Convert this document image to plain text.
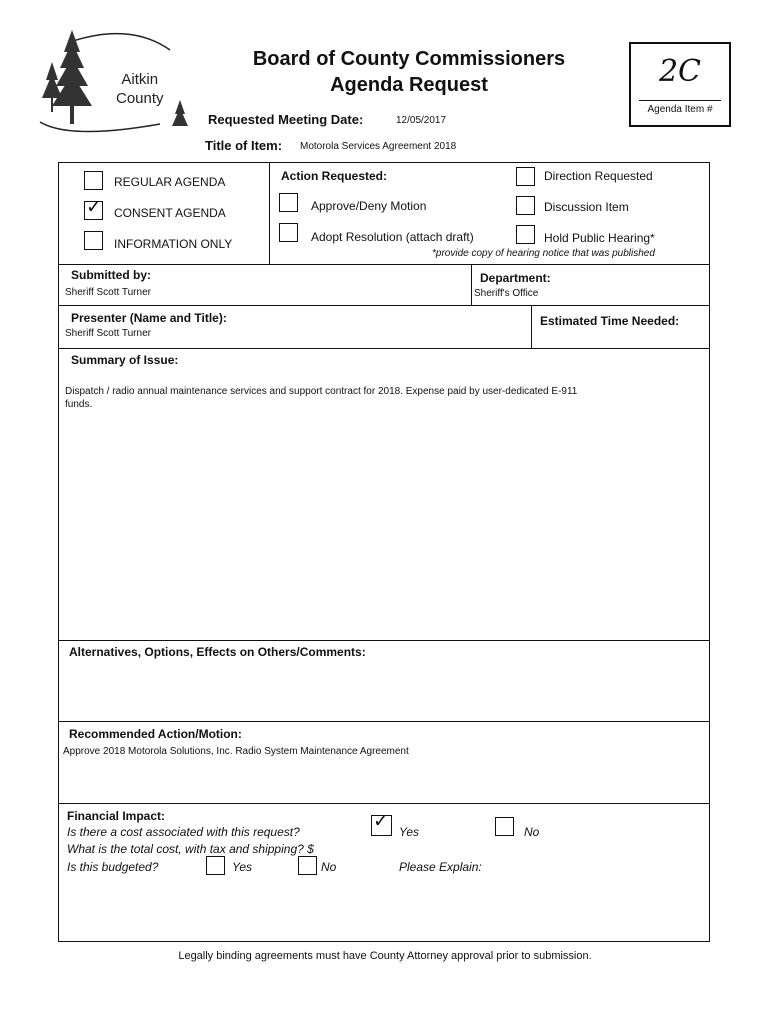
Aitkin
County
Board of County Commissioners
Agenda Request	2C
Agenda Item #
Requested Meeting Date:	12/05/2017
Title of Item: Motorola Services Agreement 2018
REGULAR AGENDA
✓ CONSENT AGENDA
INFORMATION ONLY
Action Requested:
Approve/Deny Motion
Adopt Resolution (attach draft)
Direction Requested
Discussion Item
Hold Public Hearing*
*provide copy of hearing notice that was published
Submitted by:
Sheriff Scott Turner
Department:
Sheriff's Office
Presenter (Name and Title):
Sheriff Scott Turner
Estimated Time Needed:
Summary of Issue:
Dispatch / radio annual maintenance services and support contract for 2018. Expense paid by user-dedicated E-911
funds.
Alternatives, Options, Effects on Others/Comments:
Recommended Action/Motion:
Approve 2018 Motorola Solutions, Inc. Radio System Maintenance Agreement
Financial Impact:
Is there a cost associated with this request?	✓ Yes	No
What is the total cost, with tax and shipping? $
Is this budgeted?	Yes	No	Please Explain:
Legally binding agreements must have County Attorney approval prior to submission.
